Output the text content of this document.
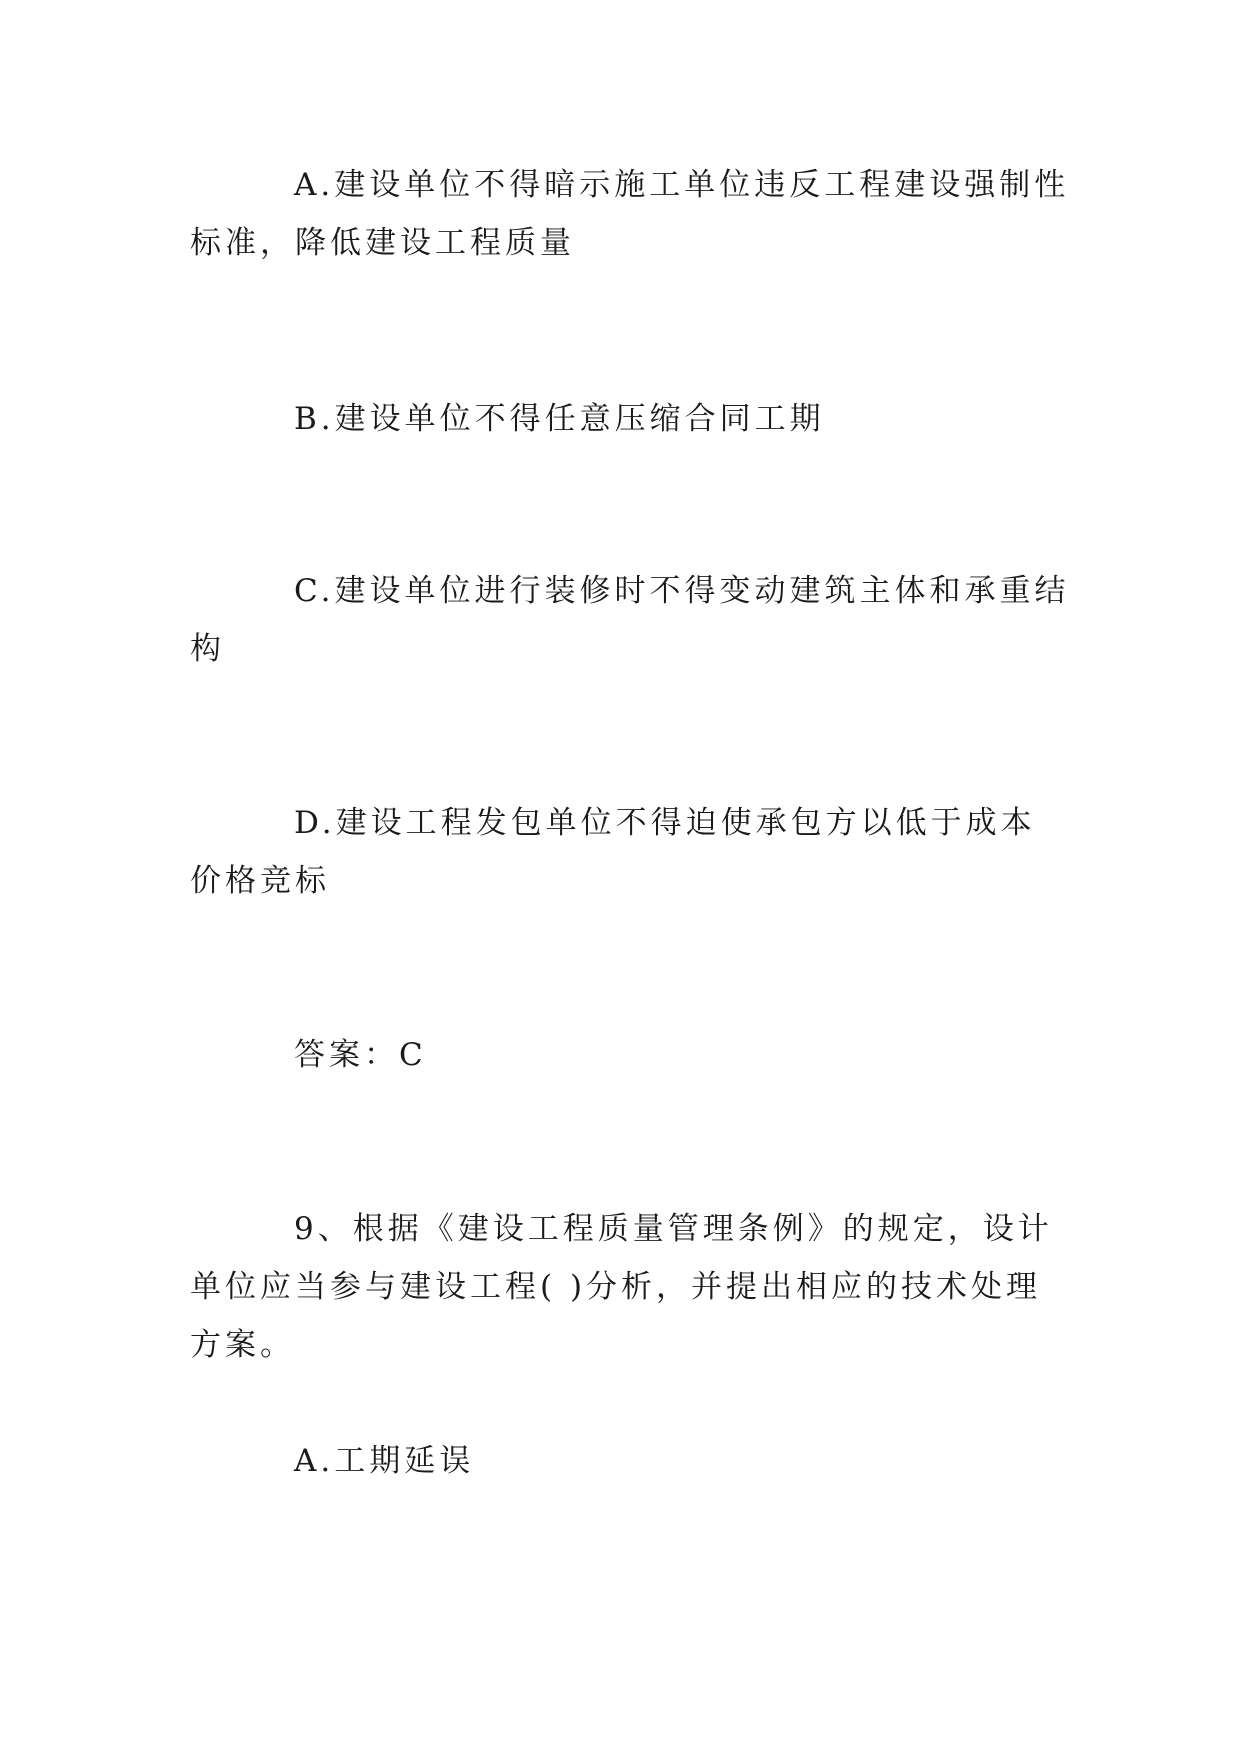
A.建设单位不得暗示施工单位违反工程建设强制性标准，降低建设工程质量

B.建设单位不得任意压缩合同工期

C.建设单位进行装修时不得变动建筑主体和承重结构

D.建设工程发包单位不得迫使承包方以低于成本价格竞标

答案：C

9、根据《建设工程质量管理条例》的规定，设计单位应当参与建设工程( )分析，并提出相应的技术处理方案。

A.工期延误
